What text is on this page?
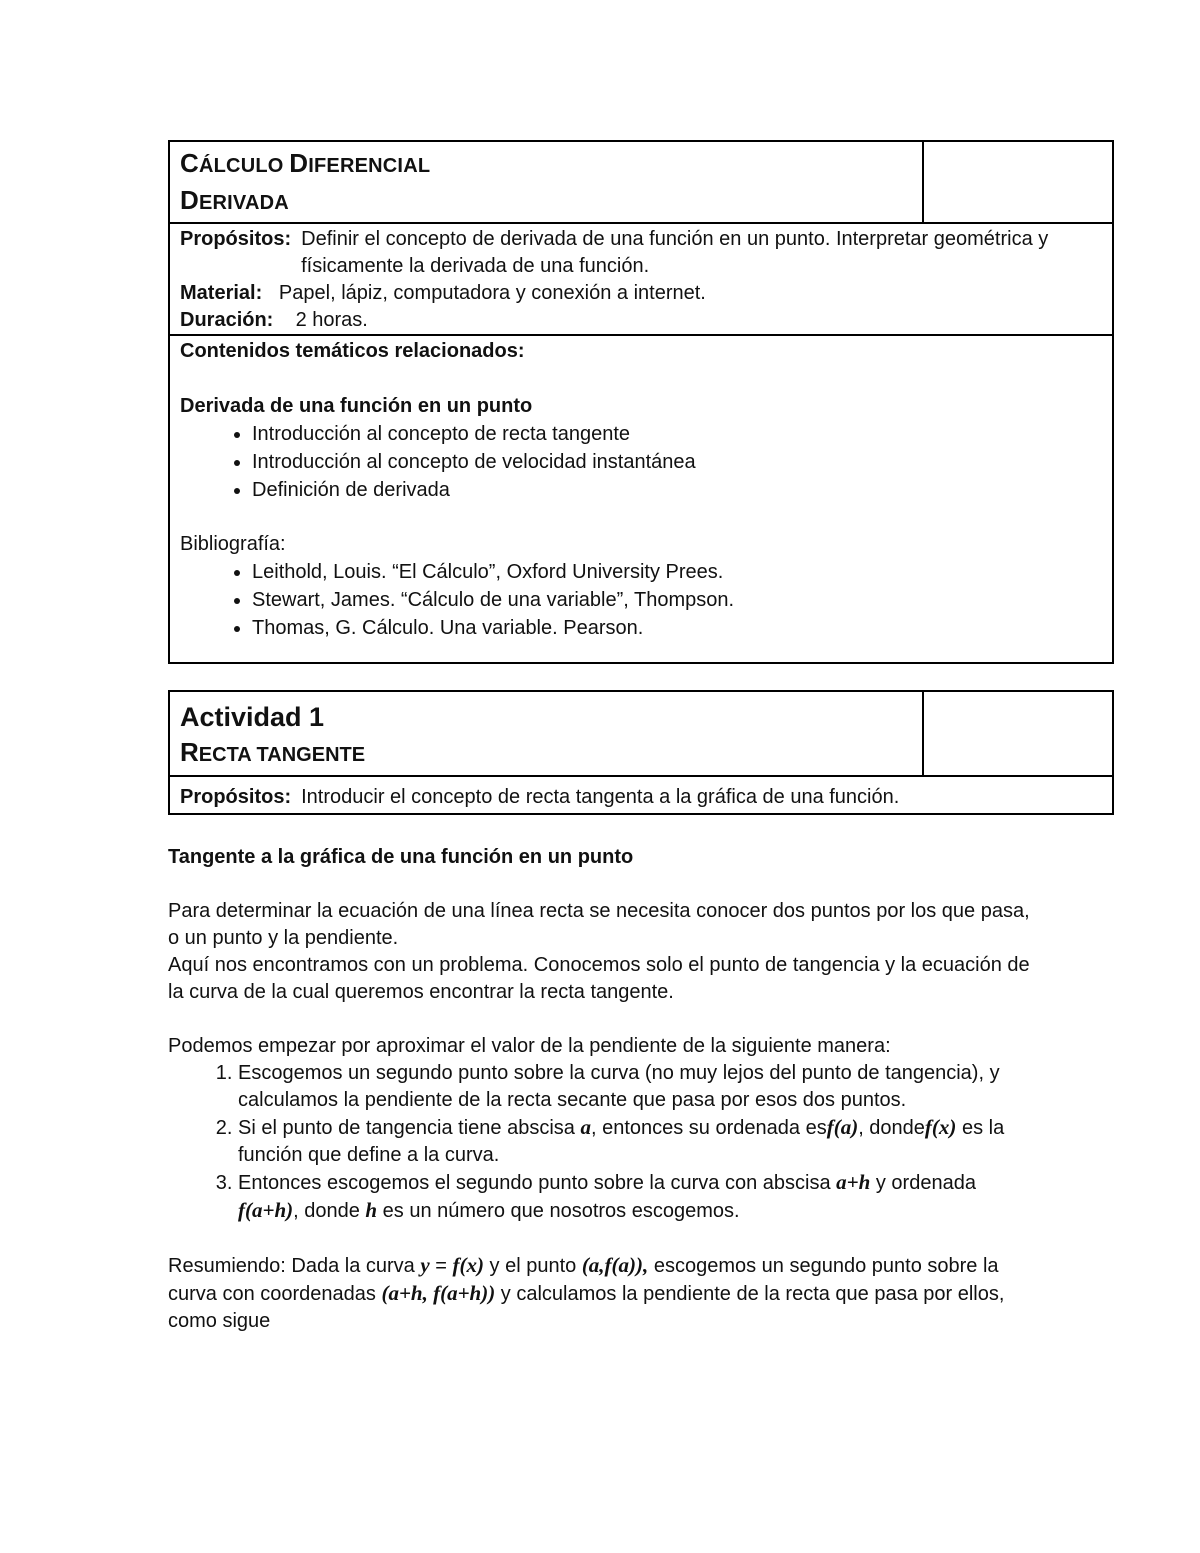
CÁLCULO DIFERENCIAL
DERIVADA

Propósitos: Definir el concepto de derivada de una función en un punto. Interpretar geométrica y físicamente la derivada de una función.
Material: Papel, lápiz, computadora y conexión a internet.
Duración: 2 horas.

Contenidos temáticos relacionados:
Derivada de una función en un punto
• Introducción al concepto de recta tangente
• Introducción al concepto de velocidad instantánea
• Definición de derivada
Bibliografía:
• Leithold, Louis. “El Cálculo”, Oxford University Prees.
• Stewart, James. “Cálculo de una variable”, Thompson.
• Thomas, G. Cálculo. Una variable. Pearson.
Actividad 1
RECTA TANGENTE

Propósitos: Introducir el concepto de recta tangenta a la gráfica de una función.
Tangente a la gráfica de una función en un punto
Para determinar la ecuación de una línea recta se necesita conocer dos puntos por los que pasa, o un punto y la pendiente.
Aquí nos encontramos con un problema. Conocemos solo el punto de tangencia y la ecuación de la curva de la cual queremos encontrar la recta tangente.
Podemos empezar por aproximar el valor de la pendiente de la siguiente manera:
1. Escogemos un segundo punto sobre la curva (no muy lejos del punto de tangencia), y calculamos la pendiente de la recta secante que pasa por esos dos puntos.
2. Si el punto de tangencia tiene abscisa a, entonces su ordenada esf(a), dondef(x) es la función que define a la curva.
3. Entonces escogemos el segundo punto sobre la curva con abscisa a+h y ordenada f(a+h), donde h es un número que nosotros escogemos.
Resumiendo: Dada la curva y = f(x) y el punto (a,f(a)), escogemos un segundo punto sobre la curva con coordenadas (a+h, f(a+h)) y calculamos la pendiente de la recta que pasa por ellos, como sigue
